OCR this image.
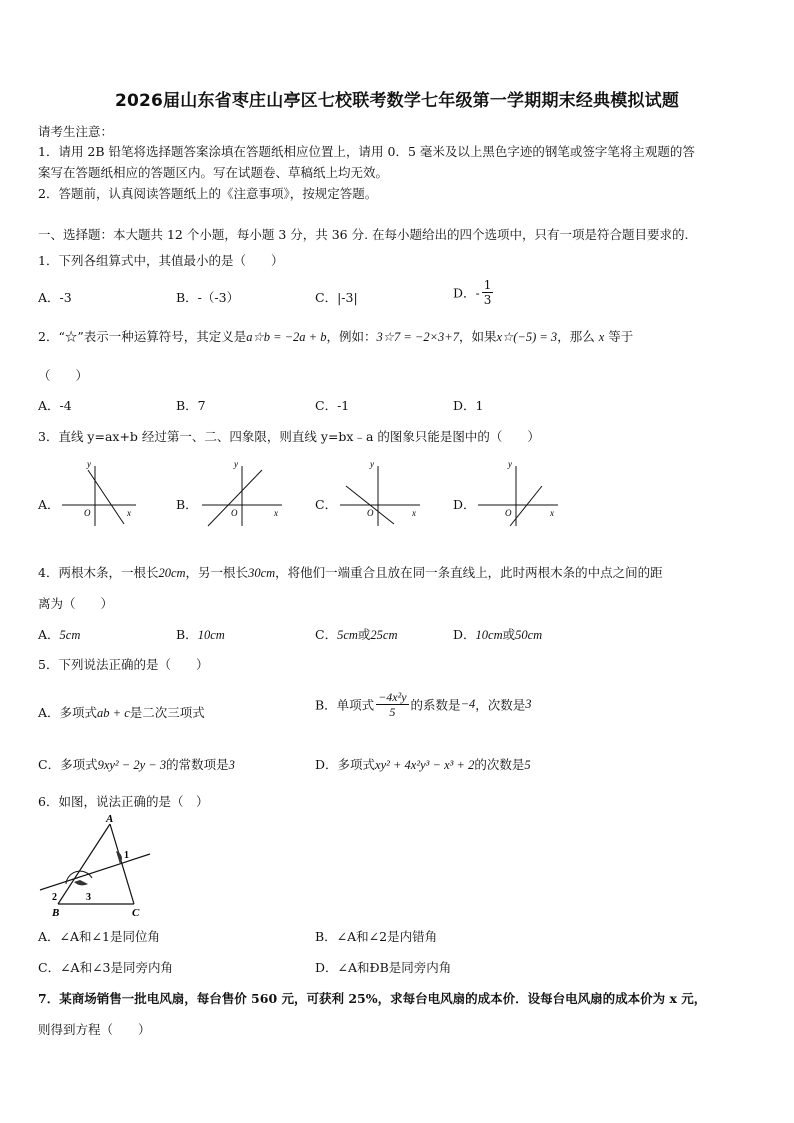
2026届山东省枣庄山亭区七校联考数学七年级第一学期期末经典模拟试题
请考生注意：
1．请用 2B 铅笔将选择题答案涂填在答题纸相应位置上，请用 0．5 毫米及以上黑色字迹的钢笔或签字笔将主观题的答
案写在答题纸相应的答题区内。写在试题卷、草稿纸上均无效。
2．答题前，认真阅读答题纸上的《注意事项》，按规定答题。
一、选择题：本大题共 12 个小题，每小题 3 分，共 36 分. 在每小题给出的四个选项中，只有一项是符合题目要求的.
1．下列各组算式中，其值最小的是（　　）
A．-3	B．-（-3）	C．|-3|	D．- $\frac{1}{3}$
2．“☆”表示一种运算符号，其定义是a☆b = −2a + b，例如：3☆7 = −2×3+7，如果x☆(−5) = 3，那么 x 等于
（　　）
A．-4	B．7	C．-1	D．1
3．直线 y=ax+b 经过第一、二、四象限，则直线 y=bx﹣a 的图象只能是图中的（　　）
A．
y
x
O
B．
y
x
O
C．
y
x
O
D．
y
x
O
4．两根木条，一根长20cm，另一根长30cm，将他们一端重合且放在同一条直线上，此时两根木条的中点之间的距
离为（　　）
A．5cm	B．10cm	C．5cm或25cm	D．10cm或50cm
5．下列说法正确的是（　　）
A．多项式ab + c是二次三项式	B．单项式 $\frac{\text{−4x²y}}{5}$ 的系数是−4，次数是3
C．多项式9xy² − 2y − 3的常数项是3	D．多项式xy² + 4x²y³ − x³ + 2的次数是5
6．如图，说法正确的是（　）
A
B	C
1
2	3
A．∠A和∠1是同位角	B．∠A和∠2是内错角
C．∠A和∠3是同旁内角	D．∠A和ÐB是同旁内角
7．某商场销售一批电风扇，每台售价 560 元，可获利 25%，求每台电风扇的成本价．设每台电风扇的成本价为 x 元，
则得到方程（　　）
